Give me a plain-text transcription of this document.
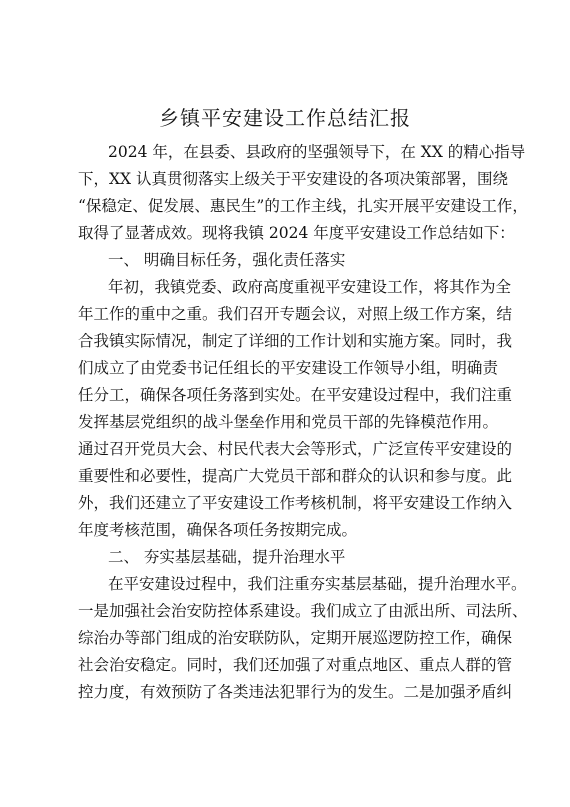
乡镇平安建设工作总结汇报
2024 年，在县委、县政府的坚强领导下，在 XX 的精心指导
下，XX 认真贯彻落实上级关于平安建设的各项决策部署，围绕
“保稳定、促发展、惠民生”的工作主线，扎实开展平安建设工作，
取得了显著成效。现将我镇 2024 年度平安建设工作总结如下：
一、 明确目标任务，强化责任落实
年初，我镇党委、政府高度重视平安建设工作，将其作为全
年工作的重中之重。我们召开专题会议，对照上级工作方案，结
合我镇实际情况，制定了详细的工作计划和实施方案。同时，我
们成立了由党委书记任组长的平安建设工作领导小组，明确责
任分工，确保各项任务落到实处。在平安建设过程中，我们注重
发挥基层党组织的战斗堡垒作用和党员干部的先锋模范作用。
通过召开党员大会、村民代表大会等形式，广泛宣传平安建设的
重要性和必要性，提高广大党员干部和群众的认识和参与度。此
外，我们还建立了平安建设工作考核机制，将平安建设工作纳入
年度考核范围，确保各项任务按期完成。
二、 夯实基层基础，提升治理水平
在平安建设过程中，我们注重夯实基层基础，提升治理水平。
一是加强社会治安防控体系建设。我们成立了由派出所、司法所、
综治办等部门组成的治安联防队，定期开展巡逻防控工作，确保
社会治安稳定。同时，我们还加强了对重点地区、重点人群的管
控力度，有效预防了各类违法犯罪行为的发生。二是加强矛盾纠
